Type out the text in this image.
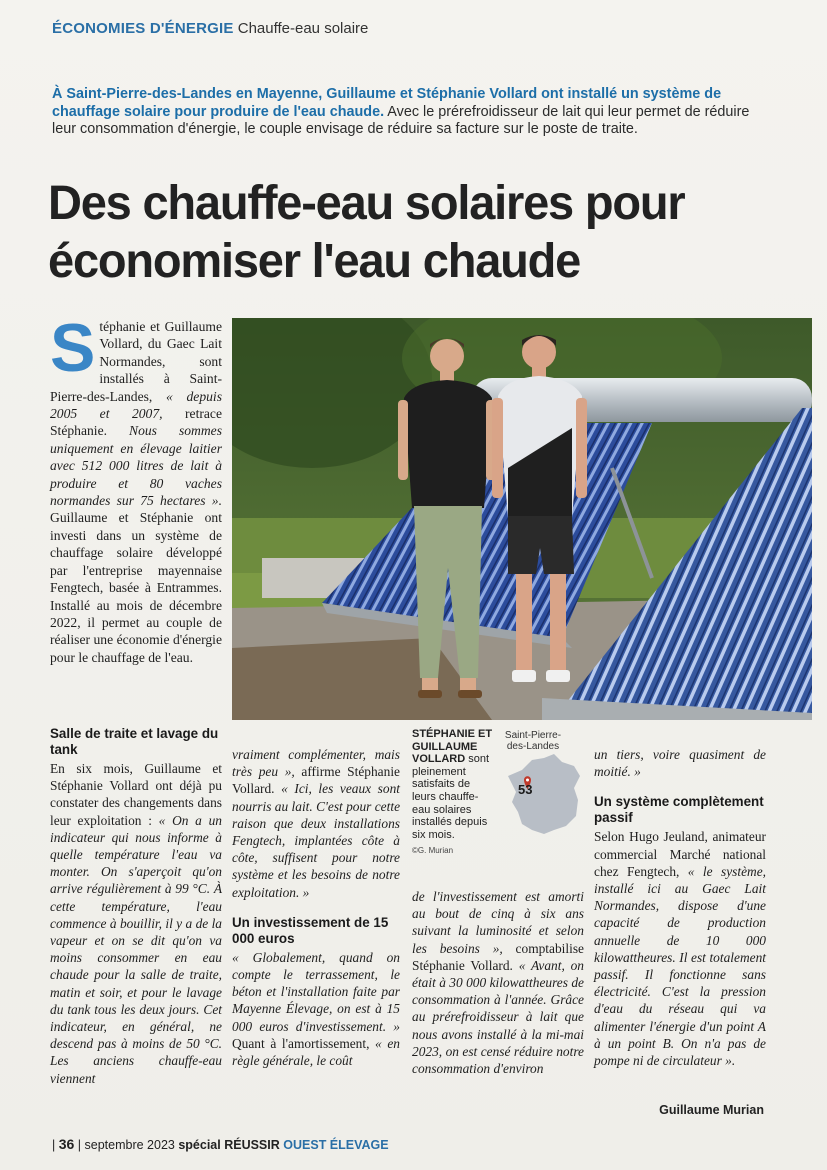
ÉCONOMIES D'ÉNERGIE Chauffe-eau solaire
À Saint-Pierre-des-Landes en Mayenne, Guillaume et Stéphanie Vollard ont installé un système de chauffage solaire pour produire de l'eau chaude. Avec le prérefroidisseur de lait qui leur permet de réduire leur consommation d'énergie, le couple envisage de réduire sa facture sur le poste de traite.
Des chauffe-eau solaires pour économiser l'eau chaude
Stéphanie et Guillaume Vollard, du Gaec Lait Normandes, sont installés à Saint-Pierre-des-Landes, « depuis 2005 et 2007, retrace Stéphanie. Nous sommes uniquement en élevage laitier avec 512 000 litres de lait à produire et 80 vaches normandes sur 75 hectares ». Guillaume et Stéphanie ont investi dans un système de chauffage solaire développé par l'entreprise mayennaise Fengtech, basée à Entrammes. Installé au mois de décembre 2022, il permet au couple de réaliser une économie d'énergie pour le chauffage de l'eau.
Salle de traite et lavage du tank
En six mois, Guillaume et Stéphanie Vollard ont déjà pu constater des changements dans leur exploitation : « On a un indicateur qui nous informe à quelle température l'eau va monter. On s'aperçoit qu'on arrive régulièrement à 99 °C. À cette température, l'eau commence à bouillir, il y a de la vapeur et on se dit qu'on va moins consommer en eau chaude pour la salle de traite, matin et soir, et pour le lavage du tank tous les deux jours. Cet indicateur, en général, ne descend pas à moins de 50 °C. Les anciens chauffe-eau viennent
vraiment complémenter, mais très peu », affirme Stéphanie Vollard. « Ici, les veaux sont nourris au lait. C'est pour cette raison que deux installations Fengtech, implantées côte à côte, suffisent pour notre système et les besoins de notre exploitation. »
Un investissement de 15 000 euros
« Globalement, quand on compte le terrassement, le béton et l'installation faite par Mayenne Élevage, on est à 15 000 euros d'investissement. » Quant à l'amortissement, « en règle générale, le coût
STÉPHANIE ET GUILLAUME VOLLARD sont pleinement satisfaits de leurs chauffe-eau solaires installés depuis six mois.
©G. Murian
Saint-Pierre-des-Landes
53
de l'investissement est amorti au bout de cinq à six ans suivant la luminosité et selon les besoins », comptabilise Stéphanie Vollard. « Avant, on était à 30 000 kilowattheures de consommation à l'année. Grâce au prérefroidisseur à lait que nous avons installé à la mi-mai 2023, on est censé réduire notre consommation d'environ
un tiers, voire quasiment de moitié. »
Un système complètement passif
Selon Hugo Jeuland, animateur commercial Marché national chez Fengtech, « le système, installé ici au Gaec Lait Normandes, dispose d'une capacité de production annuelle de 10 000 kilowattheures. Il est totalement passif. Il fonctionne sans électricité. C'est la pression d'eau du réseau qui va alimenter l'énergie d'un point A à un point B. On n'a pas de pompe ni de circulateur ».
Guillaume Murian
| 36 | septembre 2023 spécial RÉUSSIR OUEST ÉLEVAGE
